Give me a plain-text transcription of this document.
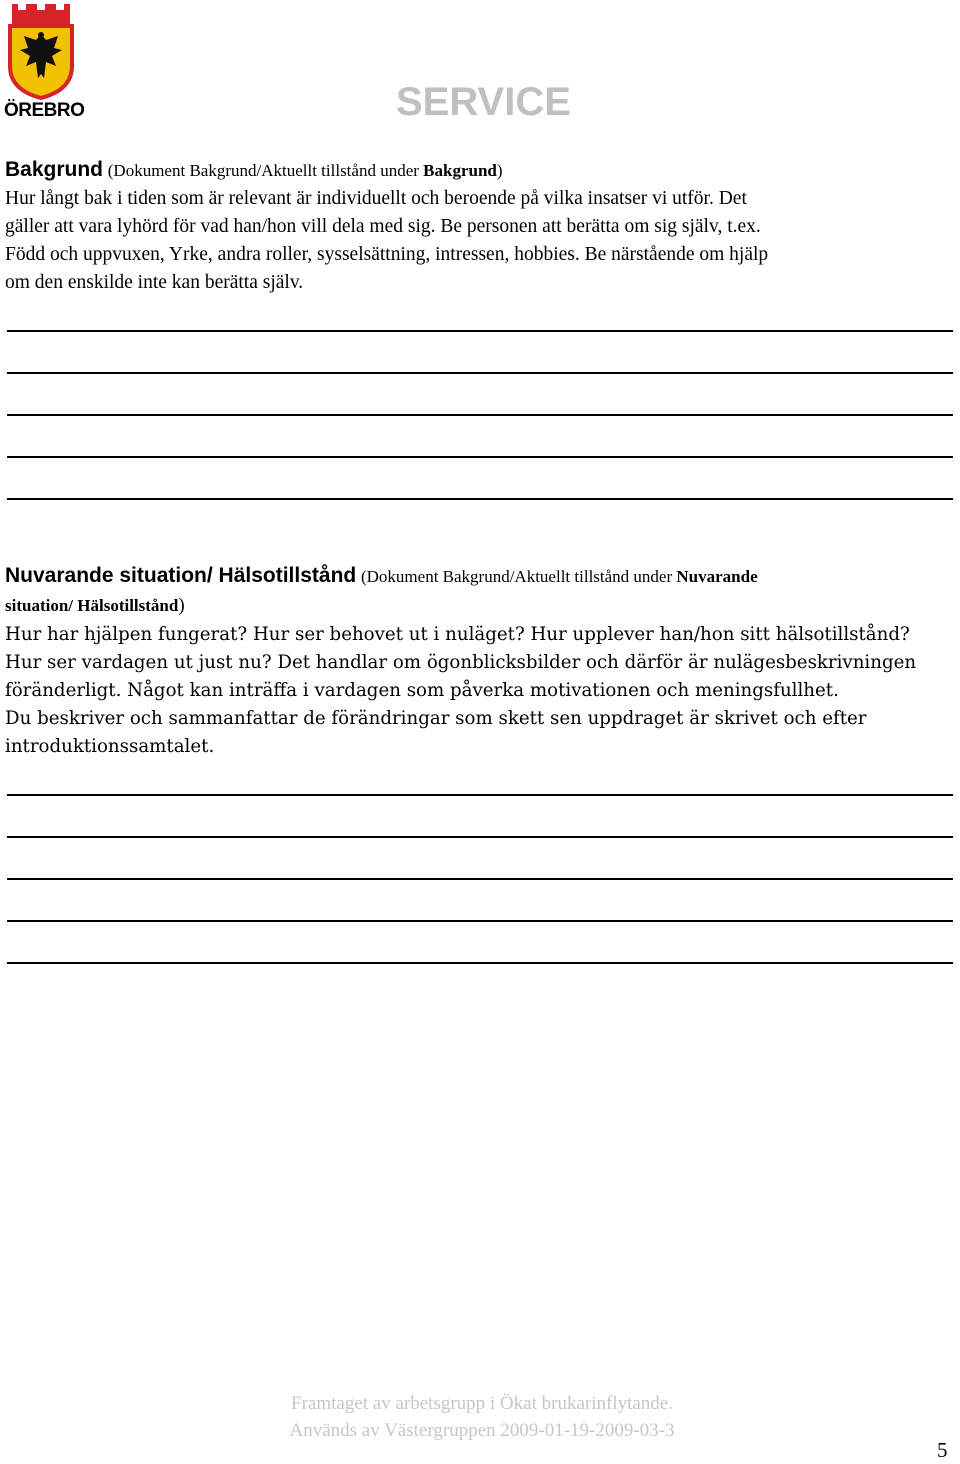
ÖREBRO	SERVICE
Bakgrund (Dokument Bakgrund/Aktuellt tillstånd under Bakgrund)
Hur långt bak i tiden som är relevant är individuellt och beroende på vilka insatser vi utför. Det
gäller att vara lyhörd för vad han/hon vill dela med sig. Be personen att berätta om sig själv, t.ex.
Född och uppvuxen, Yrke, andra roller, sysselsättning, intressen, hobbies. Be närstående om hjälp
om den enskilde inte kan berätta själv.
Nuvarande situation/ Hälsotillstånd (Dokument Bakgrund/Aktuellt tillstånd under Nuvarande
situation/ Hälsotillstånd)
Hur har hjälpen fungerat? Hur ser behovet ut i nuläget? Hur upplever han/hon sitt hälsotillstånd?
Hur ser vardagen ut just nu? Det handlar om ögonblicksbilder och därför är nulägesbeskrivningen
föränderligt. Något kan inträffa i vardagen som påverka motivationen och meningsfullhet.
Du beskriver och sammanfattar de förändringar som skett sen uppdraget är skrivet och efter
introduktionssamtalet.
Framtaget av arbetsgrupp i Ökat brukarinflytande.
Används av Västergruppen 2009-01-19-2009-03-3
5
